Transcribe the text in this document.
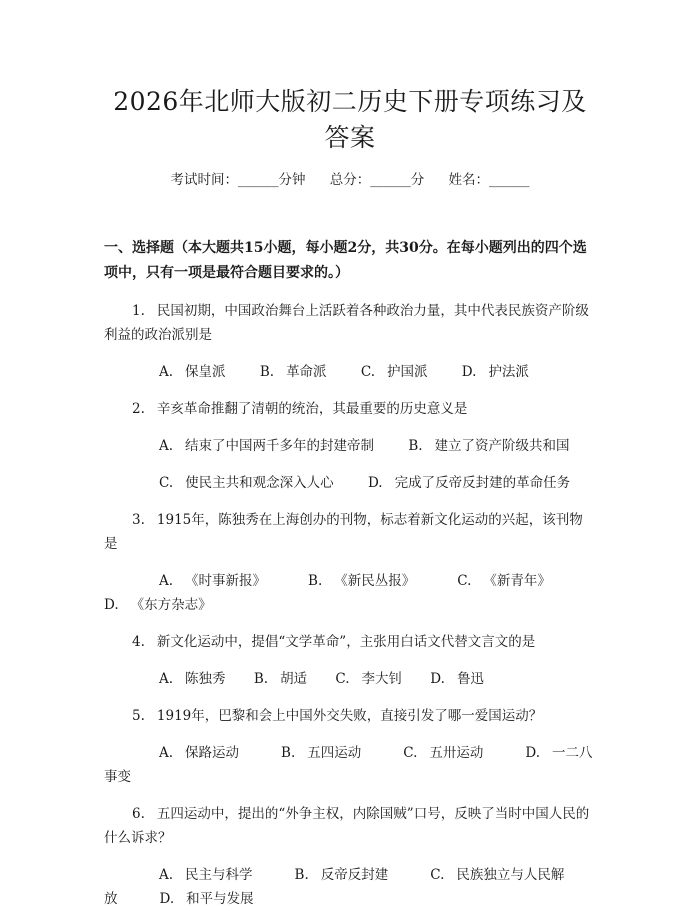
2026年北师大版初二历史下册专项练习及答案
考试时间：______分钟 总分：______分 姓名：______
一、选择题（本大题共15小题，每小题2分，共30分。在每小题列出的四个选项中，只有一项是最符合题目要求的。）
1. 民国初期，中国政治舞台上活跃着各种政治力量，其中代表民族资产阶级利益的政治派别是
A. 保皇派	B. 革命派	C. 护国派	D. 护法派
2. 辛亥革命推翻了清朝的统治，其最重要的历史意义是
A. 结束了中国两千多年的封建帝制	B. 建立了资产阶级共和国
C. 使民主共和观念深入人心	D. 完成了反帝反封建的革命任务
3. 1915年，陈独秀在上海创办的刊物，标志着新文化运动的兴起，该刊物是
A. 《时事新报》	B. 《新民丛报》	C. 《新青年》D. 《东方杂志》
4. 新文化运动中，提倡“文学革命”，主张用白话文代替文言文的是
A. 陈独秀 B. 胡适 C. 李大钊 D. 鲁迅
5. 1919年，巴黎和会上中国外交失败，直接引发了哪一爱国运动？
A. 保路运动	B. 五四运动	C. 五卅运动	D. 一二八事变
6. 五四运动中，提出的“外争主权，内除国贼”口号，反映了当时中国人民的什么诉求？
A. 民主与科学	B. 反帝反封建	C. 民族独立与人民解放	D. 和平与发展
